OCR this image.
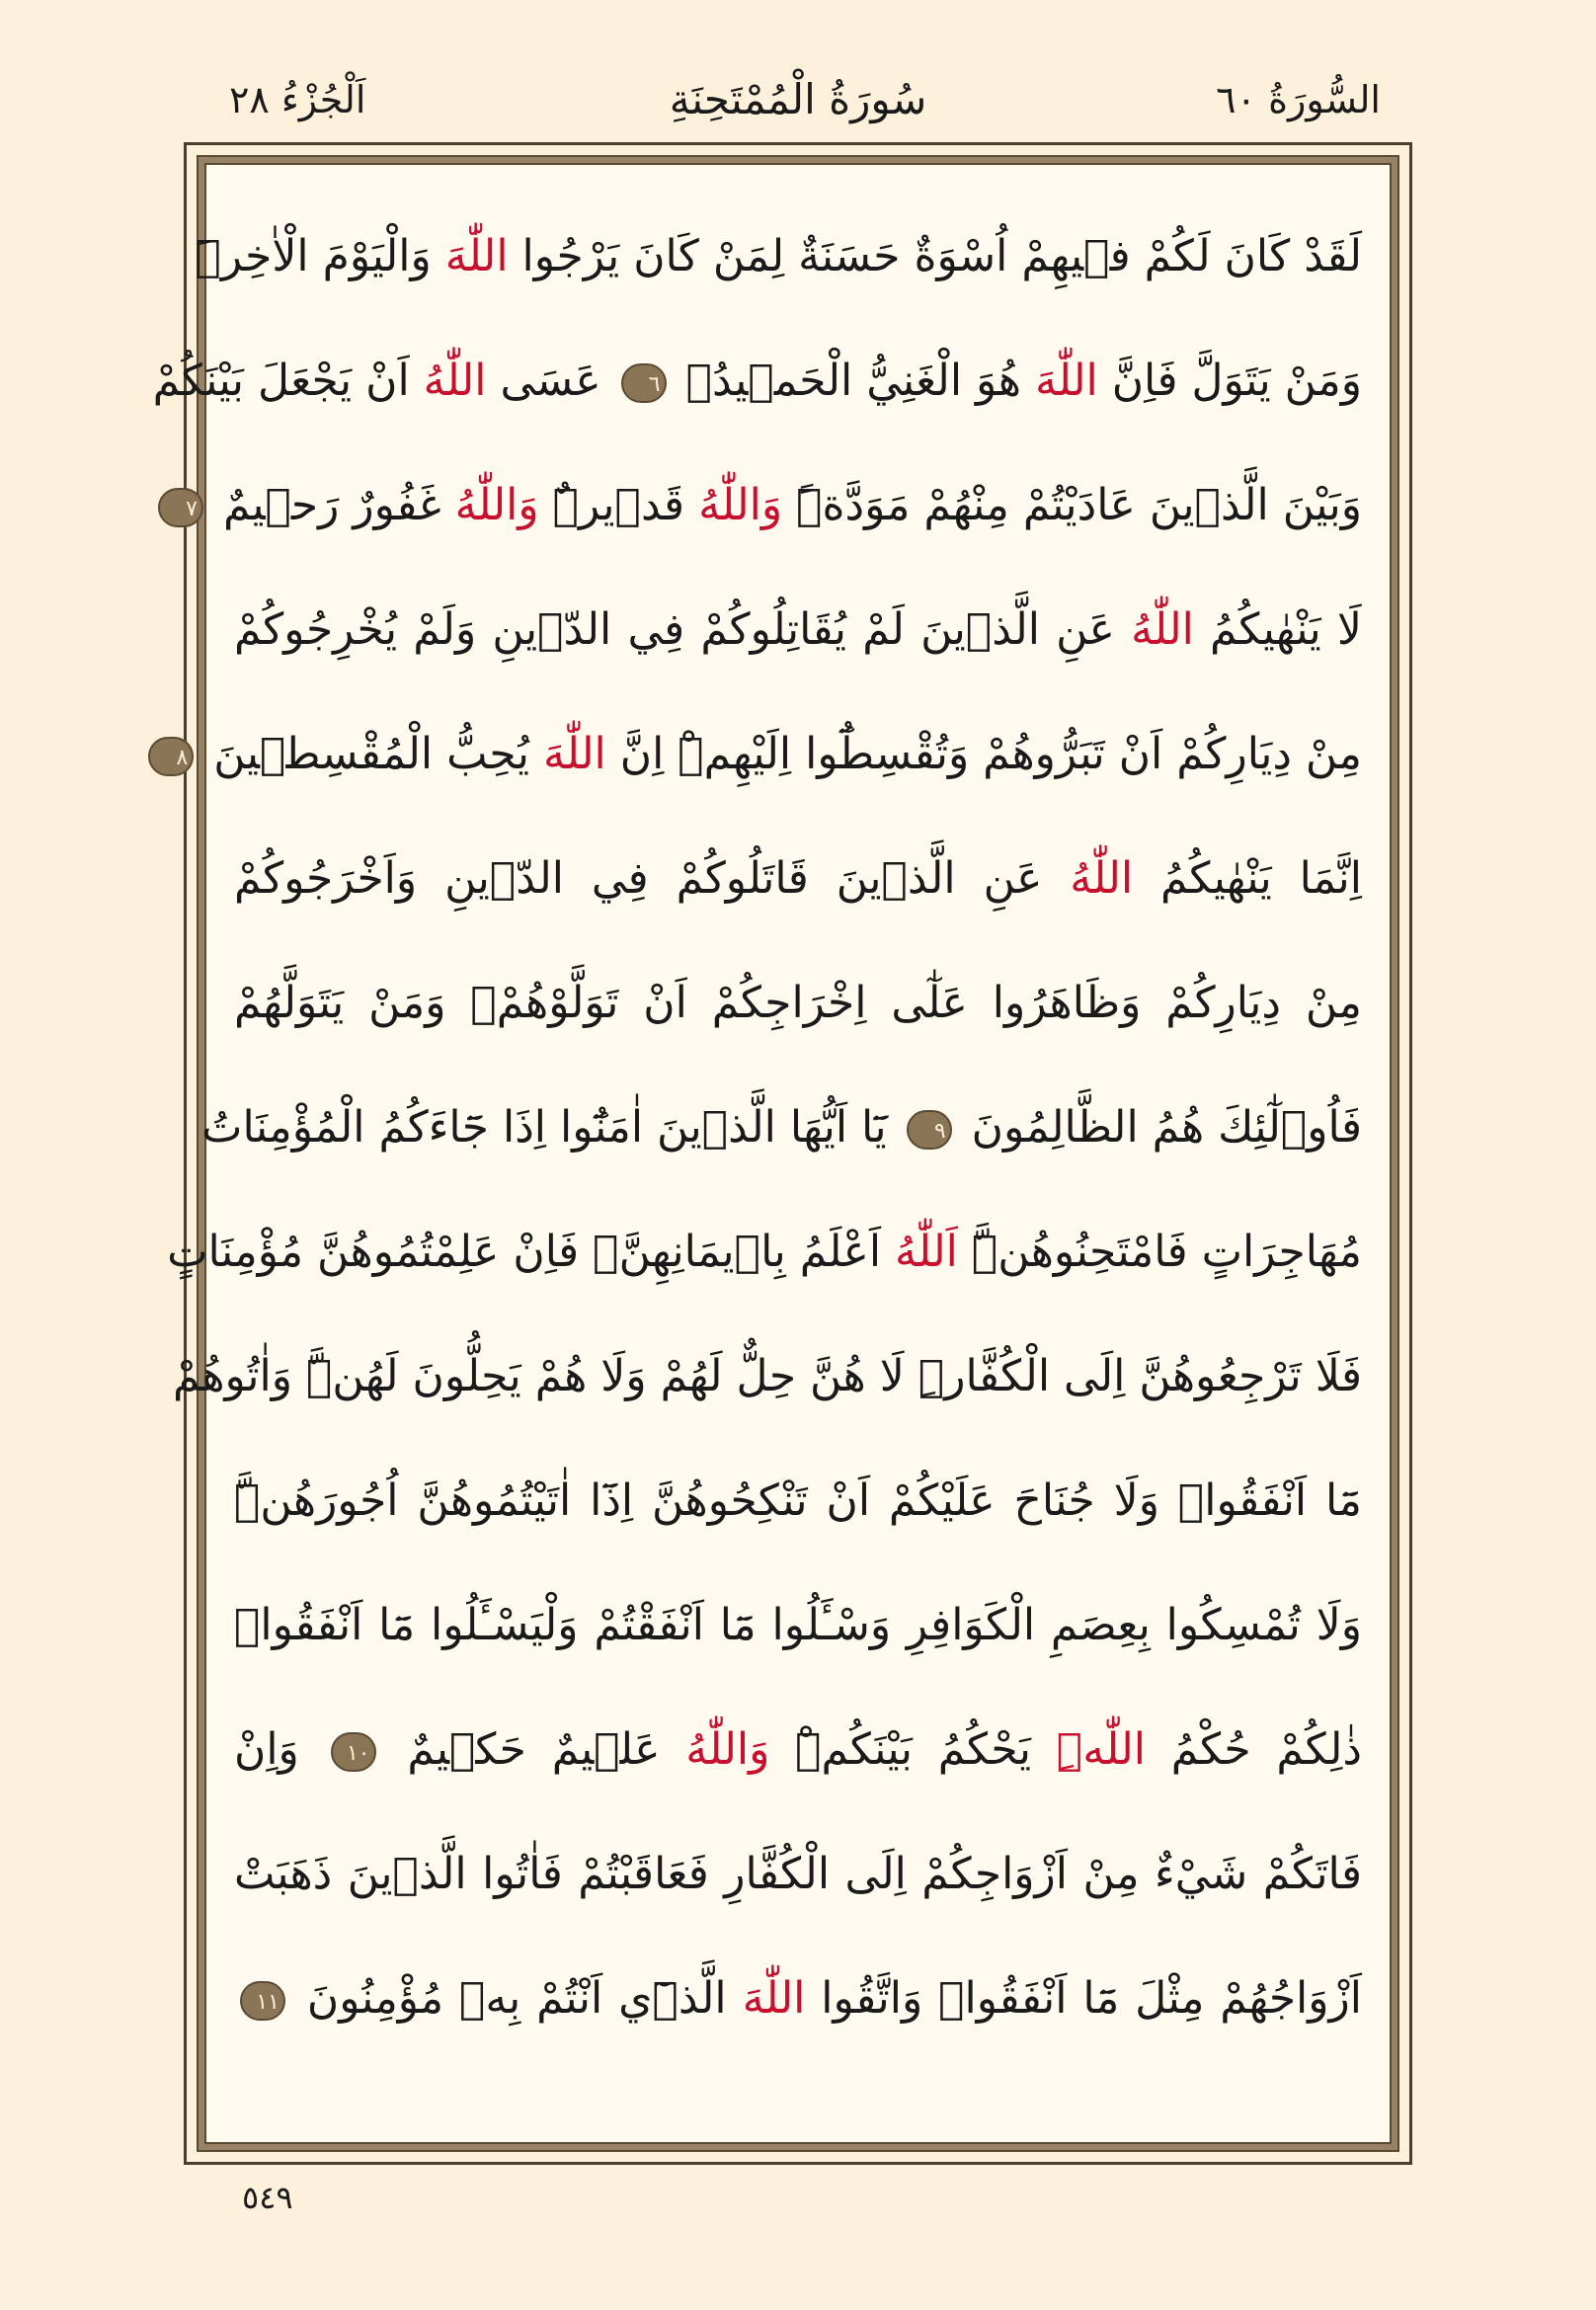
السُّورَةُ ٦٠
سُورَةُ الْمُمْتَحِنَةِ
اَلْجُزْءُ ٢٨
لَقَدْ كَانَ لَكُمْ فٖيهِمْ اُسْوَةٌ حَسَنَةٌ لِمَنْ كَانَ يَرْجُوا اللّٰهَ وَالْيَوْمَ الْاٰخِرَۜ
وَمَنْ يَتَوَلَّ فَاِنَّ اللّٰهَ هُوَ الْغَنِيُّ الْحَمٖيدُ۟ ٦ عَسَى اللّٰهُ اَنْ يَجْعَلَ بَيْنَكُمْ
وَبَيْنَ الَّذٖينَ عَادَيْتُمْ مِنْهُمْ مَوَدَّةًۜ وَاللّٰهُ قَدٖيرٌۜ وَاللّٰهُ غَفُورٌ رَحٖيمٌ ٧
لَا يَنْهٰيكُمُ اللّٰهُ عَنِ الَّذٖينَ لَمْ يُقَاتِلُوكُمْ فِي الدّٖينِ وَلَمْ يُخْرِجُوكُمْ
مِنْ دِيَارِكُمْ اَنْ تَبَرُّوهُمْ وَتُقْسِطُٓوا اِلَيْهِمْۜ اِنَّ اللّٰهَ يُحِبُّ الْمُقْسِطٖينَ ٨
اِنَّمَا يَنْهٰيكُمُ اللّٰهُ عَنِ الَّذٖينَ قَاتَلُوكُمْ فِي الدّٖينِ وَاَخْرَجُوكُمْ
مِنْ دِيَارِكُمْ وَظَاهَرُوا عَلٰٓى اِخْرَاجِكُمْ اَنْ تَوَلَّوْهُمْۚ وَمَنْ يَتَوَلَّهُمْ
فَاُو۬لٰٓئِكَ هُمُ الظَّالِمُونَ ٩ يَٓا اَيُّهَا الَّذٖينَ اٰمَنُٓوا اِذَا جَٓاءَكُمُ الْمُؤْمِنَاتُ
مُهَاجِرَاتٍ فَامْتَحِنُوهُنَّۜ اَللّٰهُ اَعْلَمُ بِاٖيمَانِهِنَّۚ فَاِنْ عَلِمْتُمُوهُنَّ مُؤْمِنَاتٍ
فَلَا تَرْجِعُوهُنَّ اِلَى الْكُفَّارِۜ لَا هُنَّ حِلٌّ لَهُمْ وَلَا هُمْ يَحِلُّونَ لَهُنَّۜ وَاٰتُوهُمْ
مَٓا اَنْفَقُواۜ وَلَا جُنَاحَ عَلَيْكُمْ اَنْ تَنْكِحُوهُنَّ اِذَٓا اٰتَيْتُمُوهُنَّ اُجُورَهُنَّۜ
وَلَا تُمْسِكُوا بِعِصَمِ الْكَوَافِرِ وَسْـَٔلُوا مَٓا اَنْفَقْتُمْ وَلْيَسْـَٔلُوا مَٓا اَنْفَقُواۜ
ذٰلِكُمْ حُكْمُ اللّٰهِۜ يَحْكُمُ بَيْنَكُمْۜ وَاللّٰهُ عَلٖيمٌ حَكٖيمٌ ١٠ وَاِنْ
فَاتَكُمْ شَيْءٌ مِنْ اَزْوَاجِكُمْ اِلَى الْكُفَّارِ فَعَاقَبْتُمْ فَاٰتُوا الَّذٖينَ ذَهَبَتْ
اَزْوَاجُهُمْ مِثْلَ مَٓا اَنْفَقُواۜ وَاتَّقُوا اللّٰهَ الَّذٖٓي اَنْتُمْ بِهٖ مُؤْمِنُونَ ١١
٥٤٩
